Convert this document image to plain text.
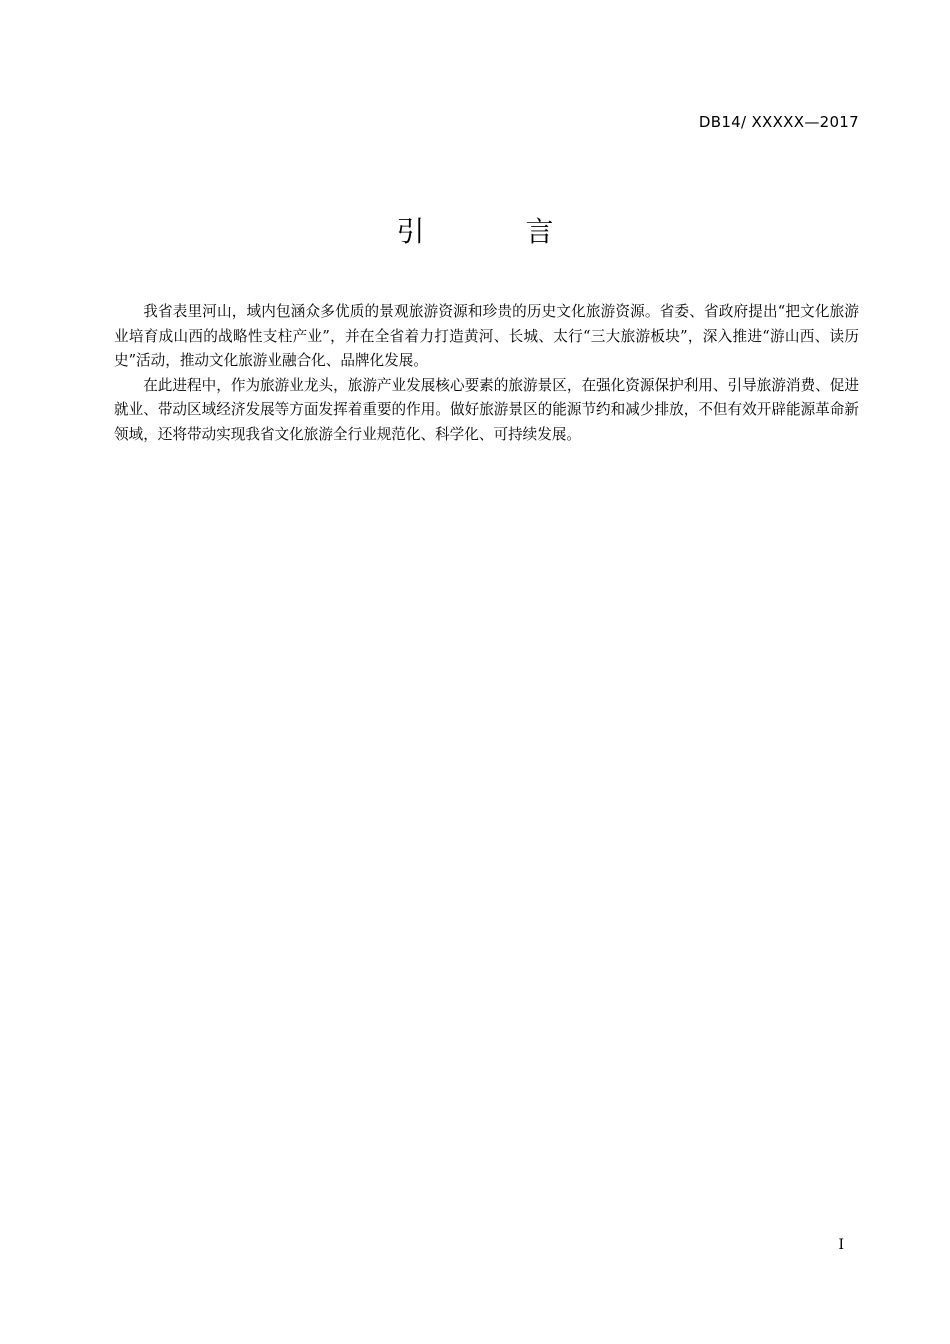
DB14/ XXXXX—2017
引 言

我省表里河山，域内包涵众多优质的景观旅游资源和珍贵的历史文化旅游资源。省委、省政府提出“把文化旅游业培育成山西的战略性支柱产业”，并在全省着力打造黄河、长城、太行“三大旅游板块”，深入推进“游山西、读历史”活动，推动文化旅游业融合化、品牌化发展。

在此进程中，作为旅游业龙头，旅游产业发展核心要素的旅游景区，在强化资源保护利用、引导旅游消费、促进就业、带动区域经济发展等方面发挥着重要的作用。做好旅游景区的能源节约和减少排放，不但有效开辟能源革命新领域，还将带动实现我省文化旅游全行业规范化、科学化、可持续发展。

I
